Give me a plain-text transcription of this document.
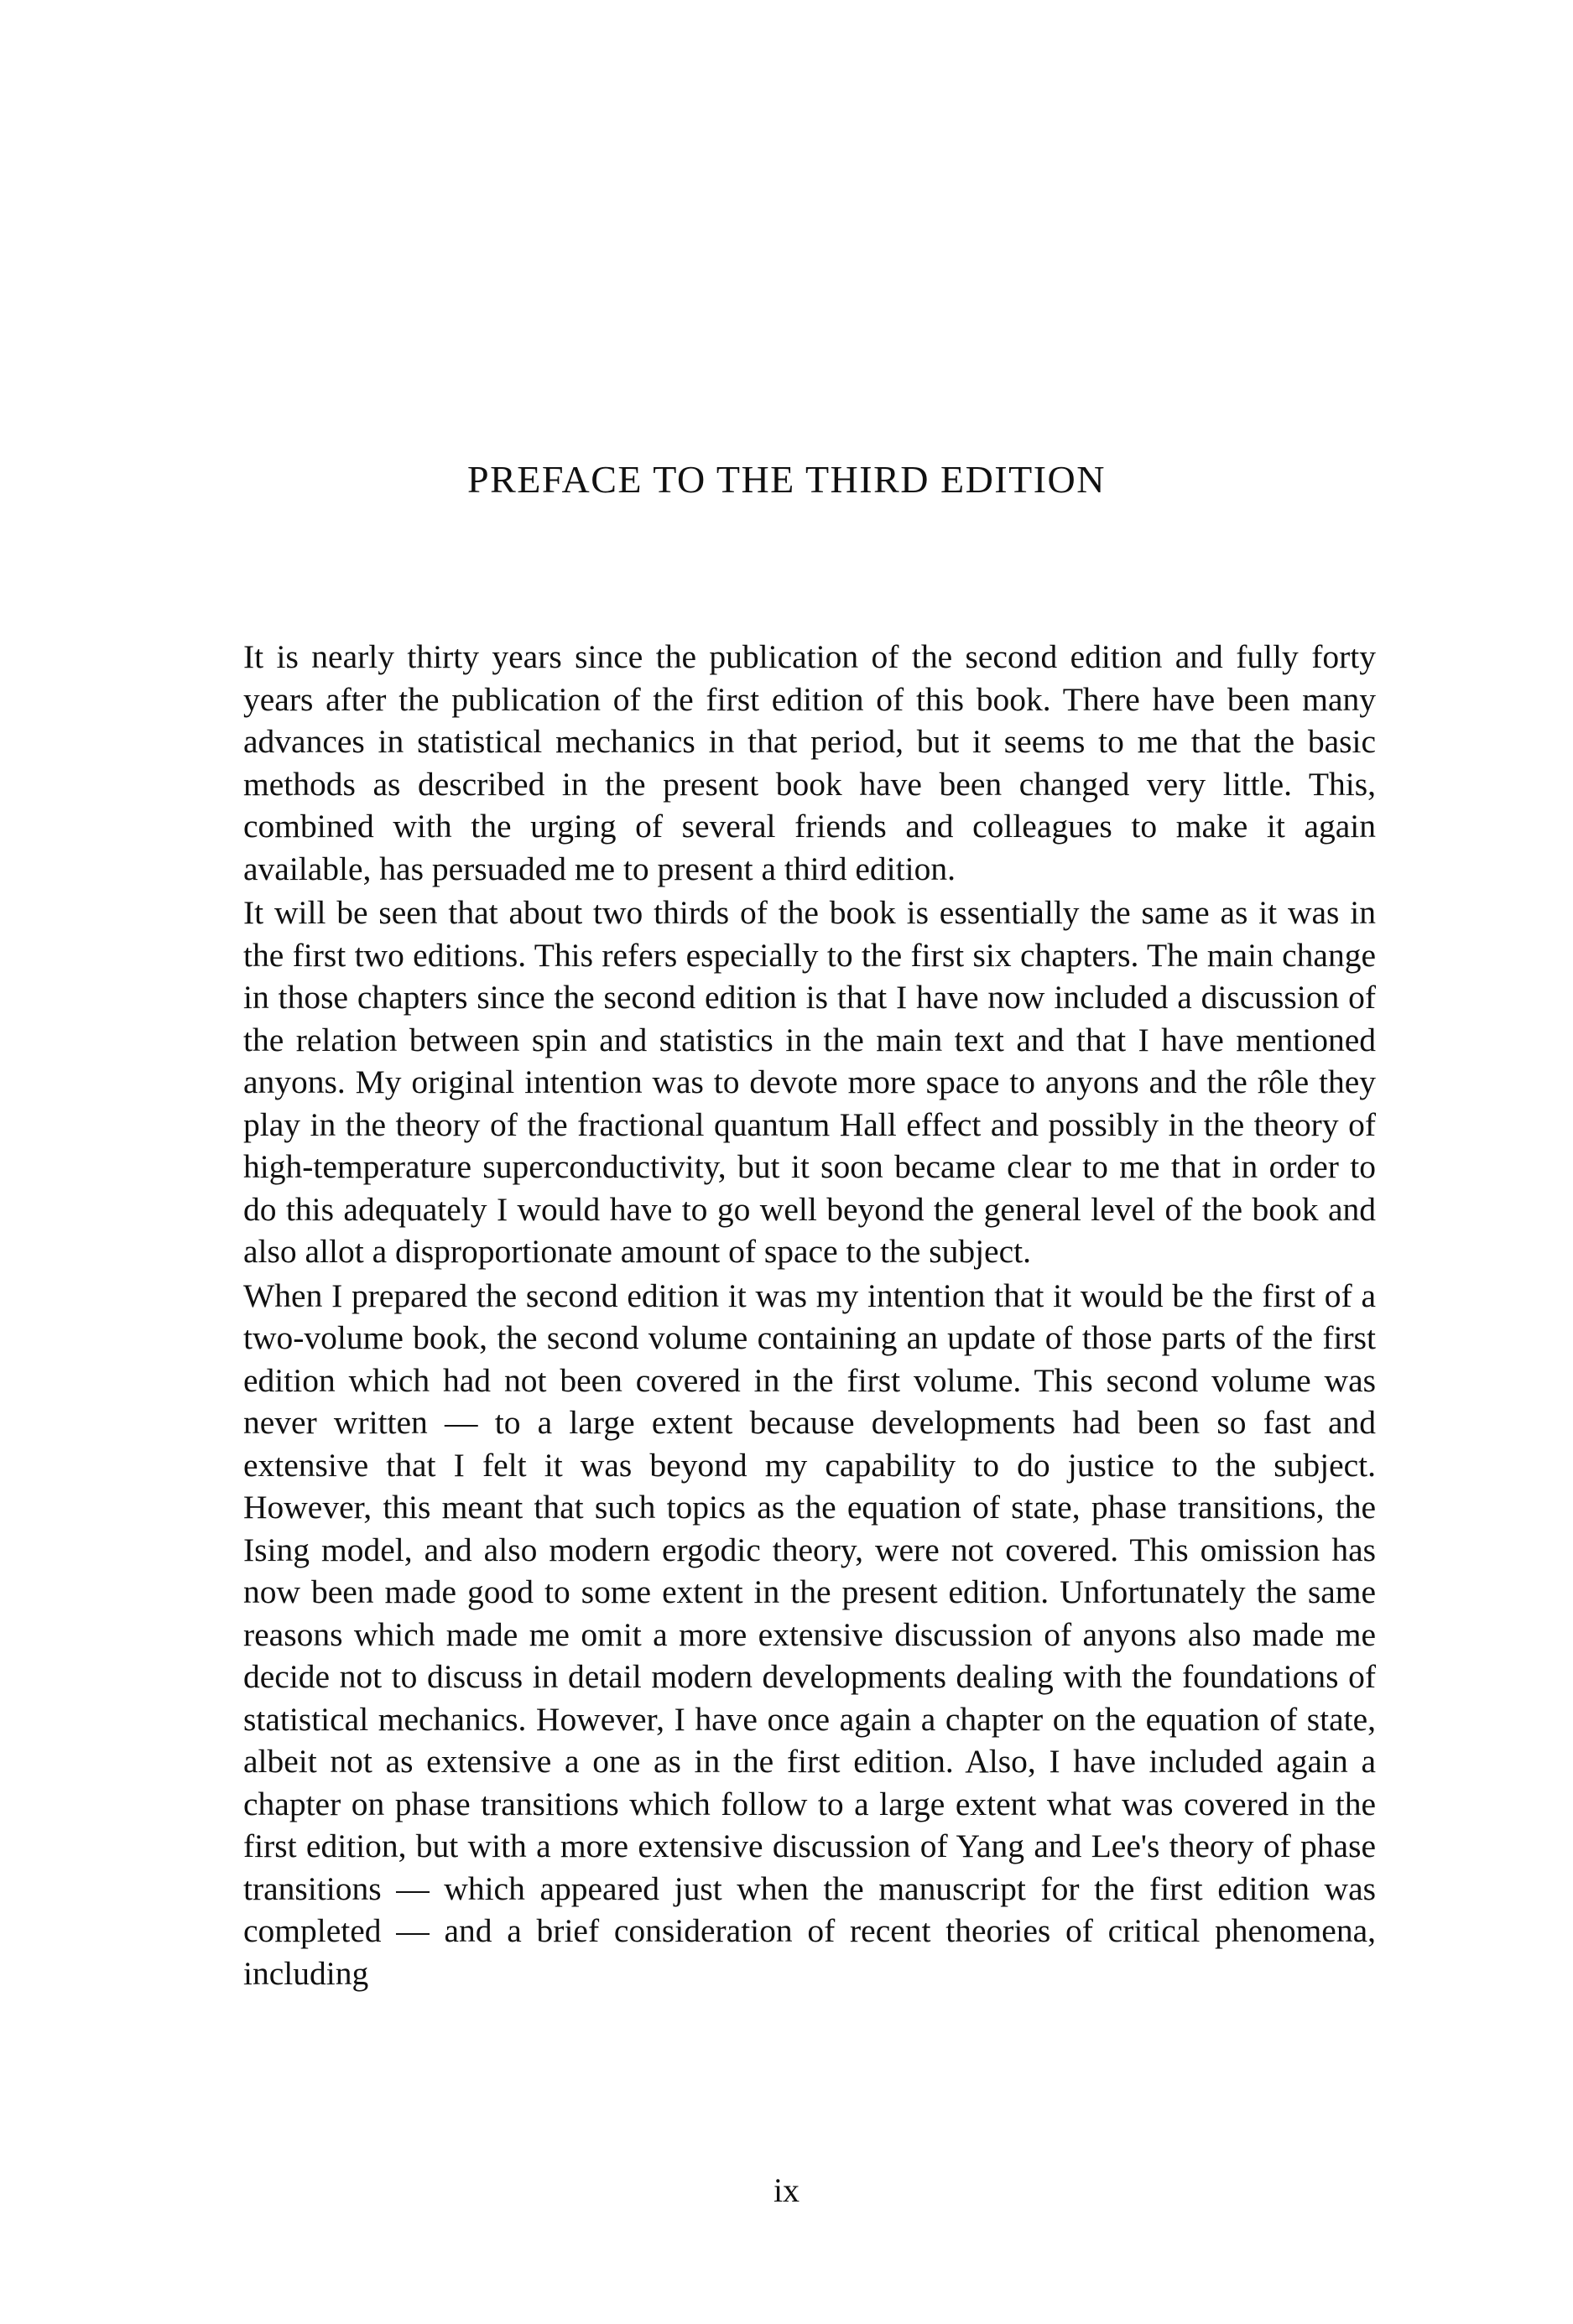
PREFACE TO THE THIRD EDITION

It is nearly thirty years since the publication of the second edition and fully forty years after the publication of the first edition of this book. There have been many advances in statistical mechanics in that period, but it seems to me that the basic methods as described in the present book have been changed very little. This, combined with the urging of several friends and colleagues to make it again available, has persuaded me to present a third edition.

It will be seen that about two thirds of the book is essentially the same as it was in the first two editions. This refers especially to the first six chapters. The main change in those chapters since the second edition is that I have now included a discussion of the relation between spin and statistics in the main text and that I have mentioned anyons. My original intention was to devote more space to anyons and the rôle they play in the theory of the fractional quantum Hall effect and possibly in the theory of high-temperature superconductivity, but it soon became clear to me that in order to do this adequately I would have to go well beyond the general level of the book and also allot a disproportionate amount of space to the subject.

When I prepared the second edition it was my intention that it would be the first of a two-volume book, the second volume containing an update of those parts of the first edition which had not been covered in the first volume. This second volume was never written — to a large extent because developments had been so fast and extensive that I felt it was beyond my capability to do justice to the subject. However, this meant that such topics as the equation of state, phase transitions, the Ising model, and also modern ergodic theory, were not covered. This omission has now been made good to some extent in the present edition. Unfortunately the same reasons which made me omit a more extensive discussion of anyons also made me decide not to discuss in detail modern developments dealing with the foundations of statistical mechanics. However, I have once again a chapter on the equation of state, albeit not as extensive a one as in the first edition. Also, I have included again a chapter on phase transitions which follow to a large extent what was covered in the first edition, but with a more extensive discussion of Yang and Lee's theory of phase transitions — which appeared just when the manuscript for the first edition was completed — and a brief consideration of recent theories of critical phenomena, including

ix
